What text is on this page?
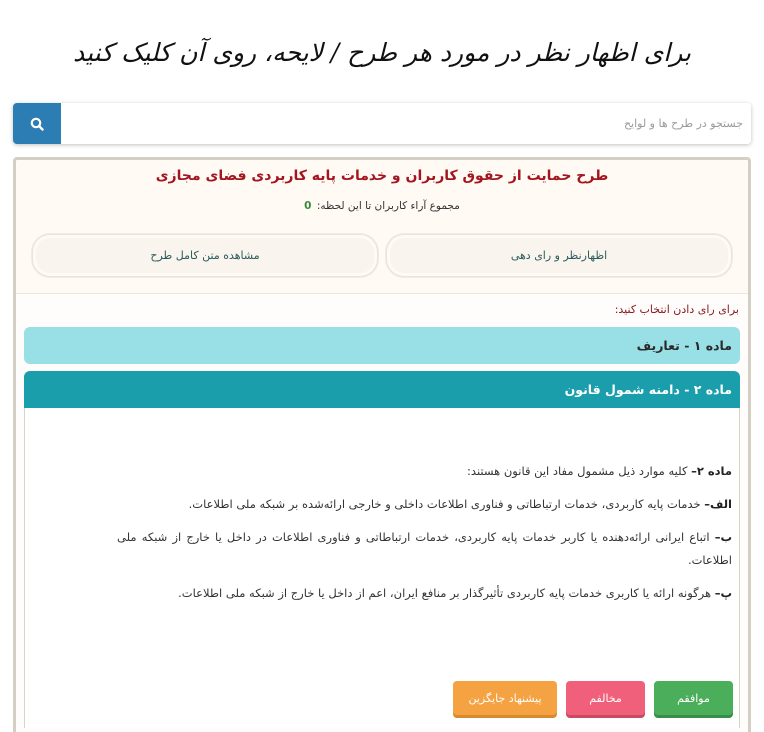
برای اظهار نظر در مورد هر طرح / لایحه، روی آن کلیک کنید
جستجو در طرح ها و لوایح
طرح حمایت از حقوق کاربران و خدمات پایه کاربردی فضای مجازی
مجموع آراء کاربران تا این لحظه: 0
اظهارنظر و رای دهی
مشاهده متن کامل طرح
برای رای دادن انتخاب کنید:
ماده ۱ - تعاریف
ماده ۲ - دامنه شمول قانون

ماده ۲– کلیه موارد ذیل مشمول مفاد این قانون هستند:

الف– خدمات پایه کاربردی، خدمات ارتباطاتی و فناوری اطلاعات داخلی و خارجی ارائه‌شده بر شبکه ملی اطلاعات.

ب– اتباع ایرانی ارائه‌دهنده یا کاربر خدمات پایه کاربردی، خدمات ارتباطاتی و فناوری اطلاعات در داخل یا خارج از شبکه ملی اطلاعات.

پ– هرگونه ارائه یا کاربری خدمات پایه کاربردی تأثیرگذار بر منافع ایران، اعم از داخل یا خارج از شبکه ملی اطلاعات.

موافقم
مخالفم
پیشنهاد جایگزین
